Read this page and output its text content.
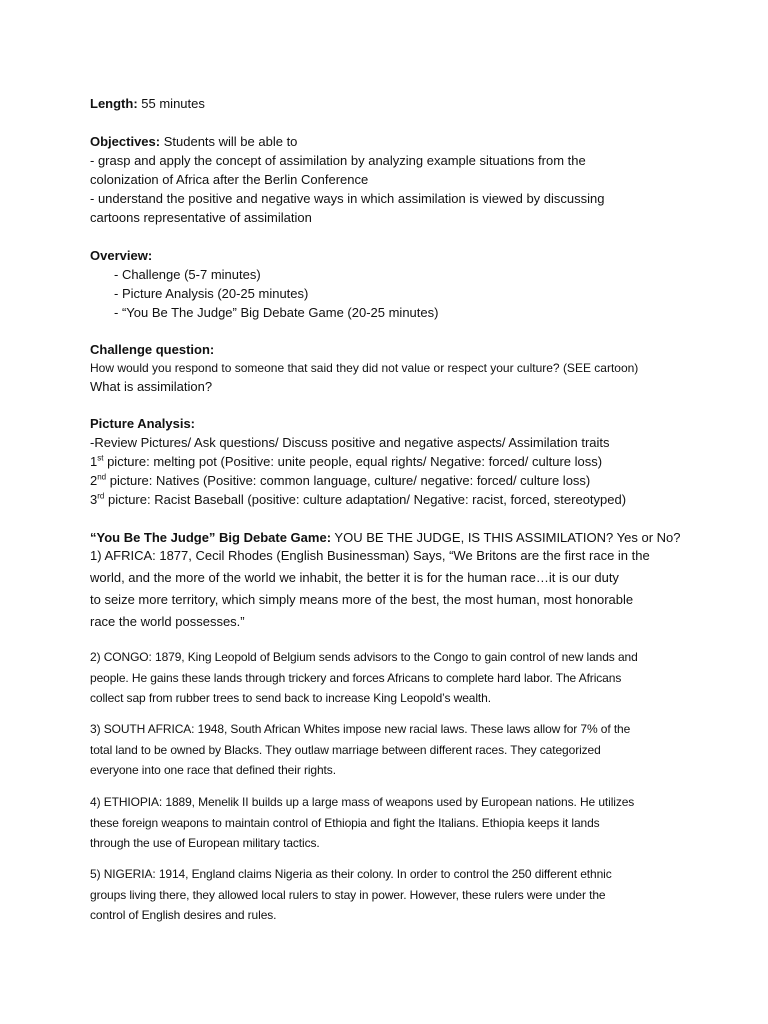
Length: 55 minutes
Objectives: Students will be able to
- grasp and apply the concept of assimilation by analyzing example situations from the
colonization of Africa after the Berlin Conference
- understand the positive and negative ways in which assimilation is viewed by discussing
cartoons representative of assimilation
Overview:
- Challenge (5-7 minutes)
- Picture Analysis (20-25 minutes)
- “You Be The Judge” Big Debate Game (20-25 minutes)
Challenge question:
How would you respond to someone that said they did not value or respect your culture? (SEE cartoon)
What is assimilation?
Picture Analysis:
-Review Pictures/ Ask questions/ Discuss positive and negative aspects/ Assimilation traits
1st picture: melting pot (Positive: unite people, equal rights/ Negative: forced/ culture loss)
2nd picture: Natives (Positive: common language, culture/ negative: forced/ culture loss)
3rd picture: Racist Baseball (positive: culture adaptation/ Negative: racist, forced, stereotyped)
“You Be The Judge” Big Debate Game: YOU BE THE JUDGE, IS THIS ASSIMILATION? Yes or No?
1) AFRICA: 1877, Cecil Rhodes (English Businessman) Says, “We Britons are the first race in the
world, and the more of the world we inhabit, the better it is for the human race…it is our duty
to seize more territory, which simply means more of the best, the most human, most honorable
race the world possesses.”
2) CONGO: 1879, King Leopold of Belgium sends advisors to the Congo to gain control of new lands and
people. He gains these lands through trickery and forces Africans to complete hard labor. The Africans
collect sap from rubber trees to send back to increase King Leopold’s wealth.
3) SOUTH AFRICA: 1948, South African Whites impose new racial laws. These laws allow for 7% of the
total land to be owned by Blacks. They outlaw marriage between different races. They categorized
everyone into one race that defined their rights.
4) ETHIOPIA: 1889, Menelik II builds up a large mass of weapons used by European nations. He utilizes
these foreign weapons to maintain control of Ethiopia and fight the Italians. Ethiopia keeps it lands
through the use of European military tactics.
5) NIGERIA: 1914, England claims Nigeria as their colony. In order to control the 250 different ethnic
groups living there, they allowed local rulers to stay in power. However, these rulers were under the
control of English desires and rules.
